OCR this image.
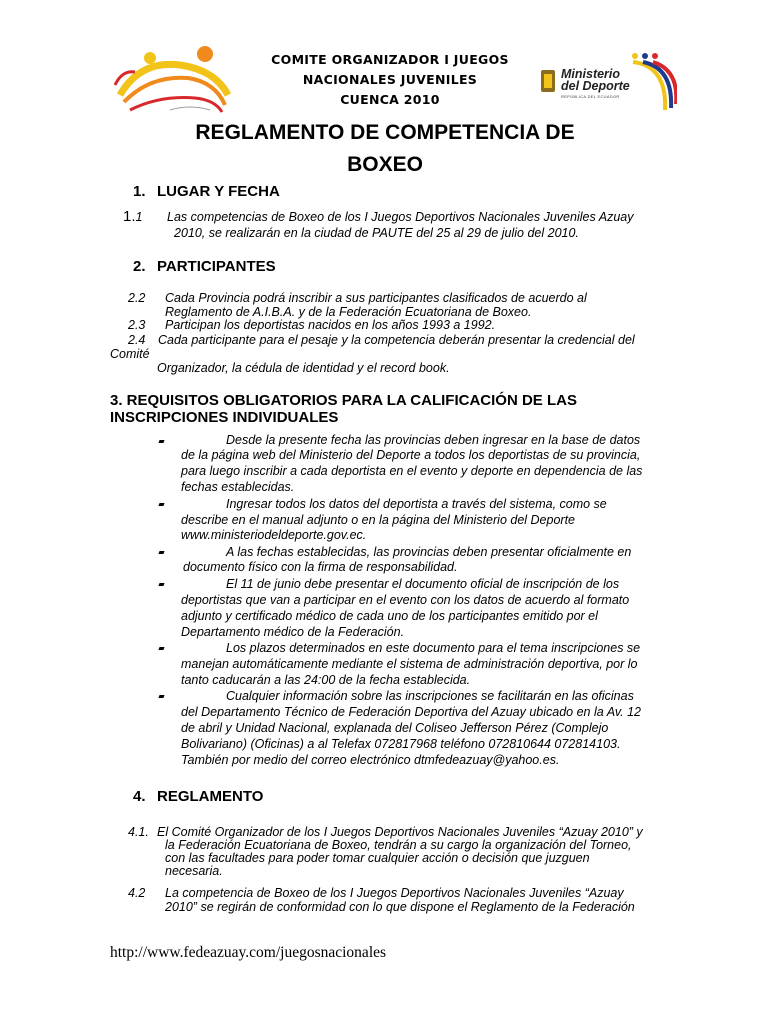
COMITE ORGANIZADOR I JUEGOS
NACIONALES JUVENILES
CUENCA 2010
Ministerio
del Deporte
REPÚBLICA DEL ECUADOR
REGLAMENTO DE COMPETENCIA DE
BOXEO
1. LUGAR Y FECHA
1.1 Las competencias de Boxeo de los I Juegos Deportivos Nacionales Juveniles Azuay
2010, se realizarán en la ciudad de PAUTE del 25 al 29 de julio del 2010.
2. PARTICIPANTES
2.2 Cada Provincia podrá inscribir a sus participantes clasificados de acuerdo al
Reglamento de A.I.B.A. y de la Federación Ecuatoriana de Boxeo.
2.3 Participan los deportistas nacidos en los años 1993 a 1992.
2.4 Cada participante para el pesaje y la competencia deberán presentar la credencial del
Comité
Organizador, la cédula de identidad y el record book.
3. REQUISITOS OBLIGATORIOS PARA LA CALIFICACIÓN DE LAS
INSCRIPCIONES INDIVIDUALES
Desde la presente fecha las provincias deben ingresar en la base de datos
de la página web del Ministerio del Deporte a todos los deportistas de su provincia,
para luego inscribir a cada deportista en el evento y deporte en dependencia de las
fechas establecidas.
Ingresar todos los datos del deportista a través del sistema, como se
describe en el manual adjunto o en la página del Ministerio del Deporte
www.ministeriodeldeporte.gov.ec.
A las fechas establecidas, las provincias deben presentar oficialmente en
documento físico con la firma de responsabilidad.
El 11 de junio debe presentar el documento oficial de inscripción de los
deportistas que van a participar en el evento con los datos de acuerdo al formato
adjunto y certificado médico de cada uno de los participantes emitido por el
Departamento médico de la Federación.
Los plazos determinados en este documento para el tema inscripciones se
manejan automáticamente mediante el sistema de administración deportiva, por lo
tanto caducarán a las 24:00 de la fecha establecida.
Cualquier información sobre las inscripciones se facilitarán en las oficinas
del Departamento Técnico de Federación Deportiva del Azuay ubicado en la Av. 12
de abril y Unidad Nacional, explanada del Coliseo Jefferson Pérez (Complejo
Bolivariano) (Oficinas) a al Telefax 072817968 teléfono 072810644 072814103.
También por medio del correo electrónico dtmfedeazuay@yahoo.es.
4. REGLAMENTO
4.1. El Comité Organizador de los I Juegos Deportivos Nacionales Juveniles “Azuay 2010” y
la Federación Ecuatoriana de Boxeo, tendrán a su cargo la organización del Torneo,
con las facultades para poder tomar cualquier acción o decisión que juzguen
necesaria.
4.2 La competencia de Boxeo de los I Juegos Deportivos Nacionales Juveniles “Azuay
2010” se regirán de conformidad con lo que dispone el Reglamento de la Federación
http://www.fedeazuay.com/juegosnacionales
